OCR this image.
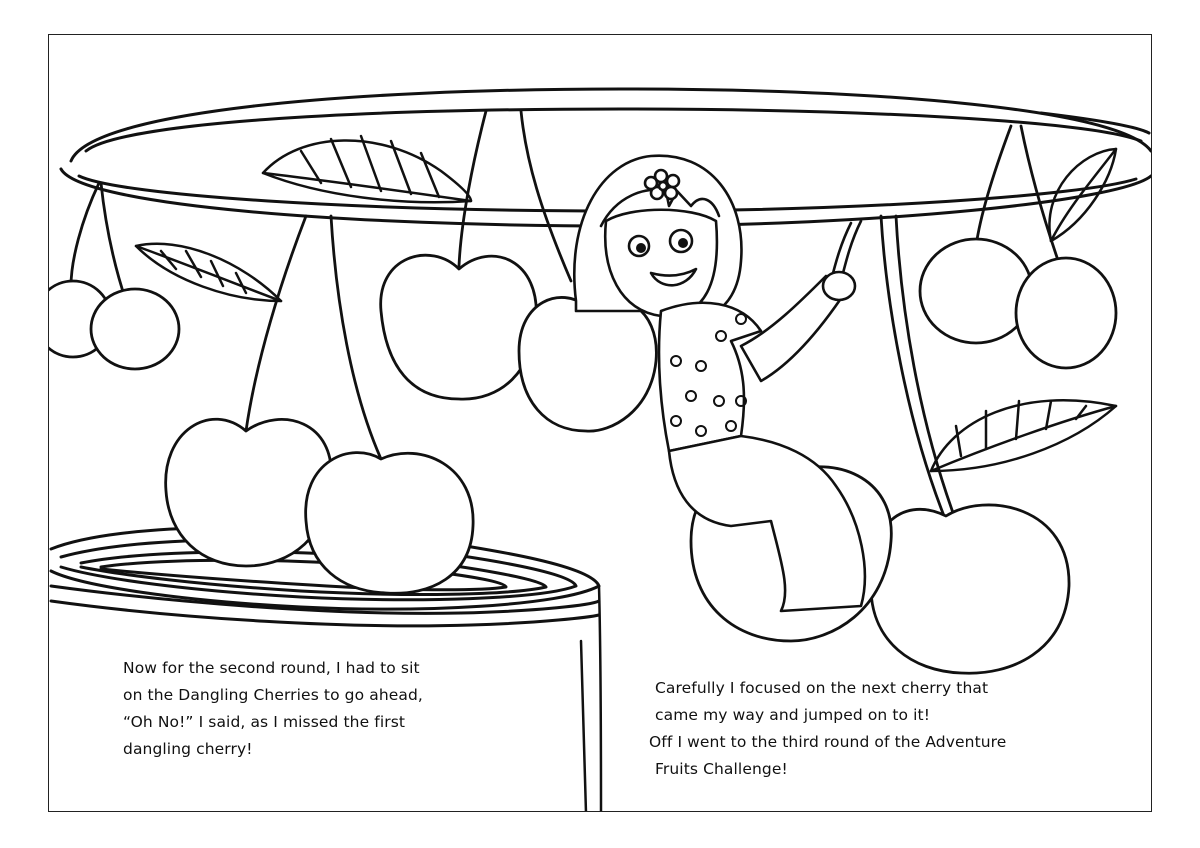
Now for the second round, I had to sit
on the Dangling Cherries to go ahead,
“Oh No!” I said, as I missed the first
dangling cherry!
Carefully I focused on the next cherry that
came my way and jumped on to it!
Off I went to the third round of the Adventure
Fruits Challenge!
